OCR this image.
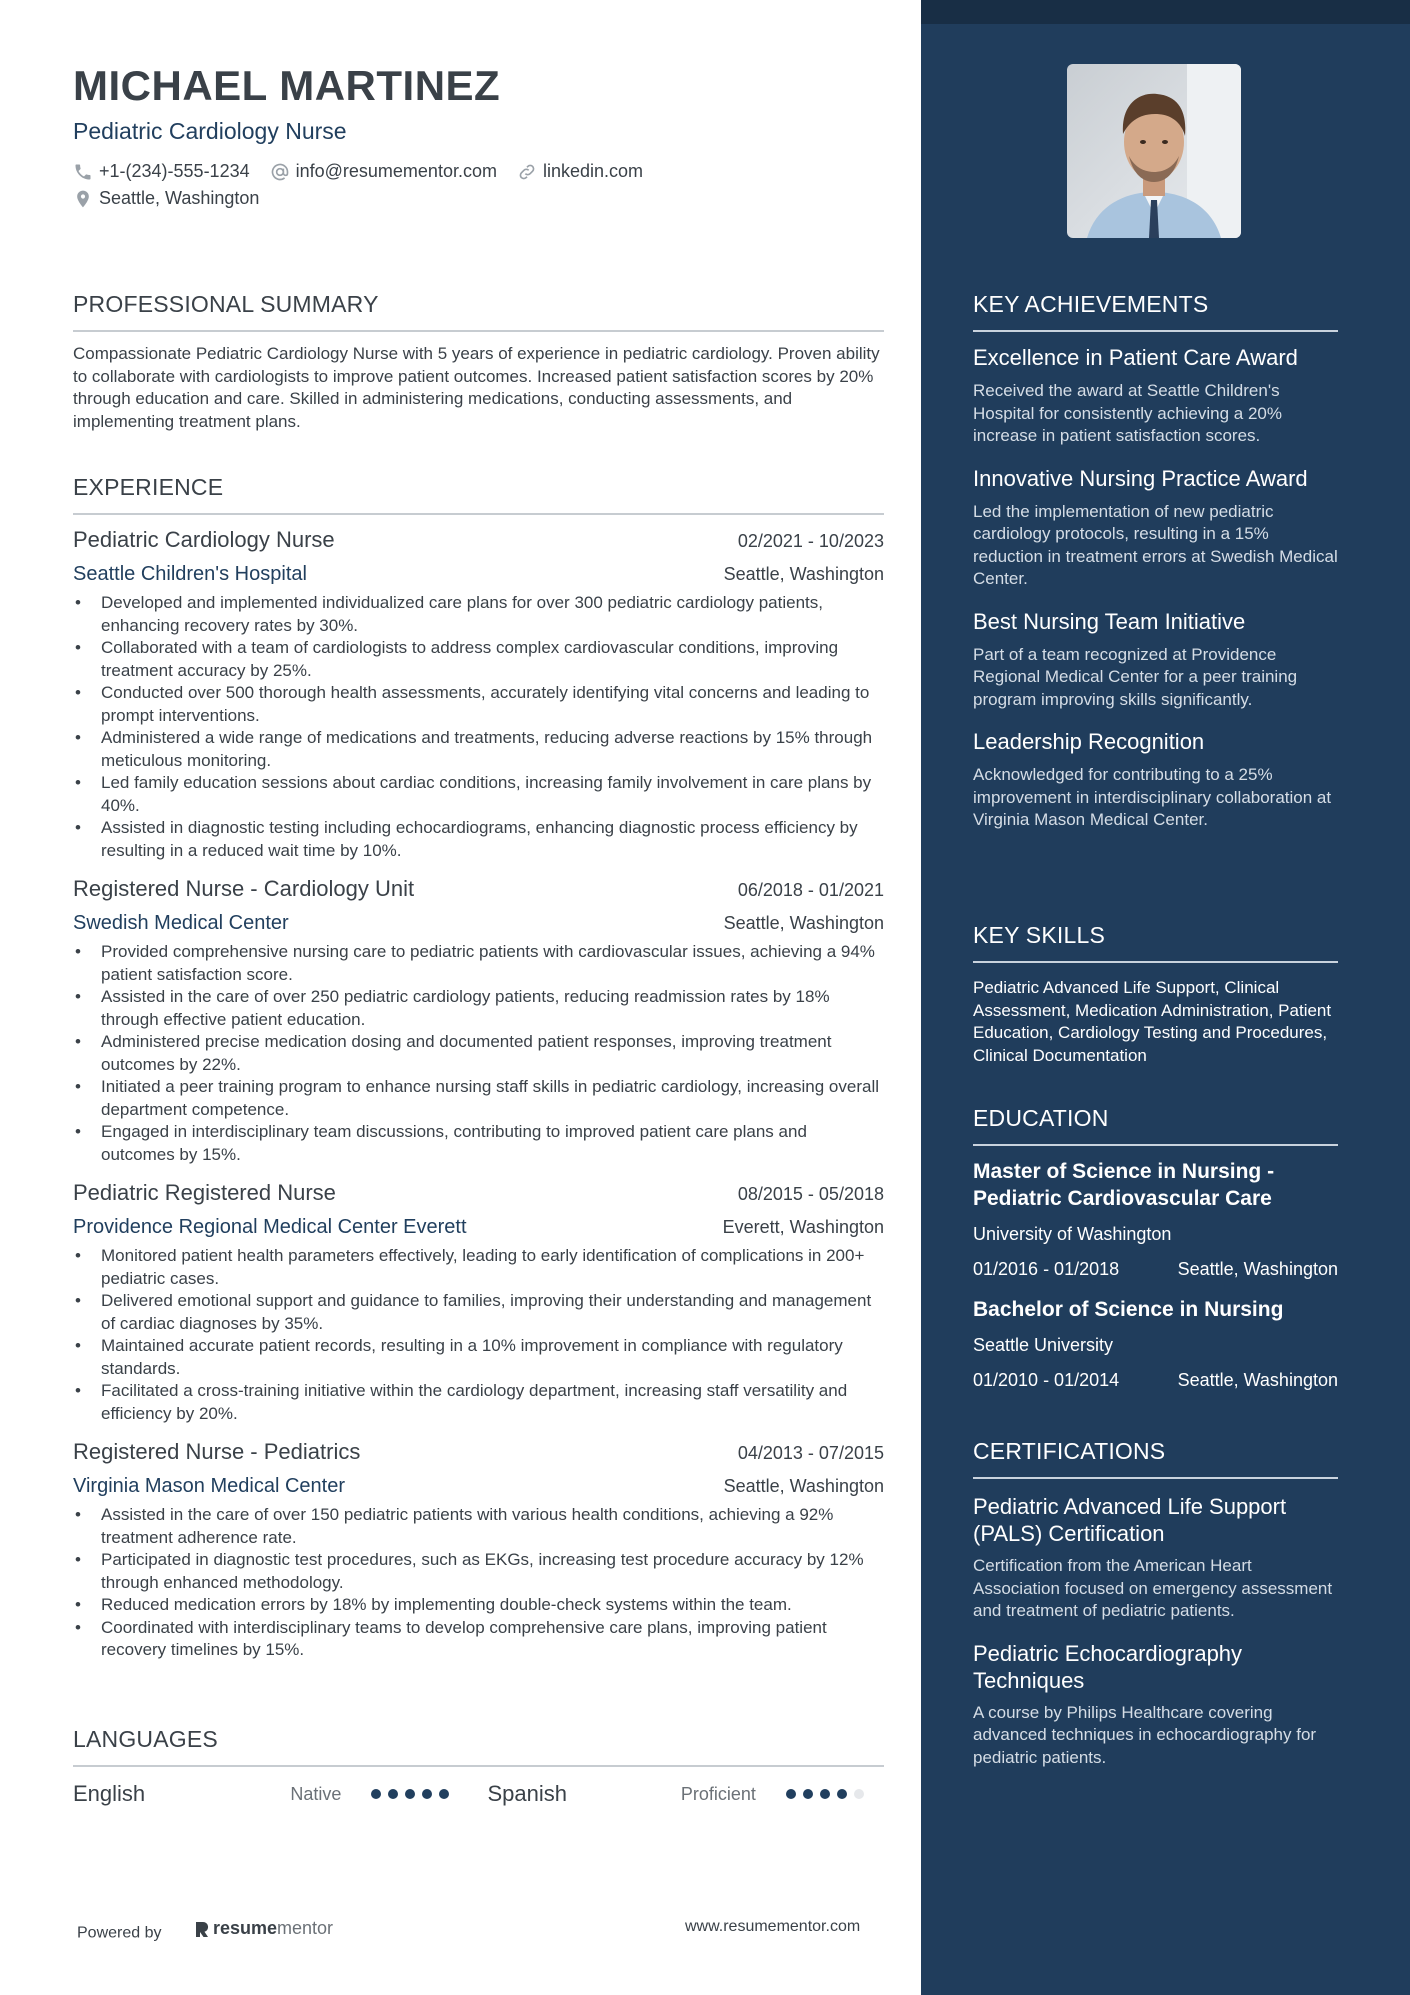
MICHAEL MARTINEZ
Pediatric Cardiology Nurse
+1-(234)-555-1234	info@resumementor.com	linkedin.com
Seattle, Washington
PROFESSIONAL SUMMARY
Compassionate Pediatric Cardiology Nurse with 5 years of experience in pediatric cardiology. Proven ability to collaborate with cardiologists to improve patient outcomes. Increased patient satisfaction scores by 20% through education and care. Skilled in administering medications, conducting assessments, and implementing treatment plans.
EXPERIENCE
Pediatric Cardiology Nurse	02/2021 - 10/2023
Seattle Children's Hospital	Seattle, Washington
• Developed and implemented individualized care plans for over 300 pediatric cardiology patients, enhancing recovery rates by 30%.
• Collaborated with a team of cardiologists to address complex cardiovascular conditions, improving treatment accuracy by 25%.
• Conducted over 500 thorough health assessments, accurately identifying vital concerns and leading to prompt interventions.
• Administered a wide range of medications and treatments, reducing adverse reactions by 15% through meticulous monitoring.
• Led family education sessions about cardiac conditions, increasing family involvement in care plans by 40%.
• Assisted in diagnostic testing including echocardiograms, enhancing diagnostic process efficiency by resulting in a reduced wait time by 10%.
Registered Nurse - Cardiology Unit	06/2018 - 01/2021
Swedish Medical Center	Seattle, Washington
• Provided comprehensive nursing care to pediatric patients with cardiovascular issues, achieving a 94% patient satisfaction score.
• Assisted in the care of over 250 pediatric cardiology patients, reducing readmission rates by 18% through effective patient education.
• Administered precise medication dosing and documented patient responses, improving treatment outcomes by 22%.
• Initiated a peer training program to enhance nursing staff skills in pediatric cardiology, increasing overall department competence.
• Engaged in interdisciplinary team discussions, contributing to improved patient care plans and outcomes by 15%.
Pediatric Registered Nurse	08/2015 - 05/2018
Providence Regional Medical Center Everett	Everett, Washington
• Monitored patient health parameters effectively, leading to early identification of complications in 200+ pediatric cases.
• Delivered emotional support and guidance to families, improving their understanding and management of cardiac diagnoses by 35%.
• Maintained accurate patient records, resulting in a 10% improvement in compliance with regulatory standards.
• Facilitated a cross-training initiative within the cardiology department, increasing staff versatility and efficiency by 20%.
Registered Nurse - Pediatrics	04/2013 - 07/2015
Virginia Mason Medical Center	Seattle, Washington
• Assisted in the care of over 150 pediatric patients with various health conditions, achieving a 92% treatment adherence rate.
• Participated in diagnostic test procedures, such as EKGs, increasing test procedure accuracy by 12% through enhanced methodology.
• Reduced medication errors by 18% by implementing double-check systems within the team.
• Coordinated with interdisciplinary teams to develop comprehensive care plans, improving patient recovery timelines by 15%.
LANGUAGES
English	Native	Spanish	Proficient
Powered by	resume mentor	www.resumementor.com
KEY ACHIEVEMENTS
Excellence in Patient Care Award
Received the award at Seattle Children's Hospital for consistently achieving a 20% increase in patient satisfaction scores.
Innovative Nursing Practice Award
Led the implementation of new pediatric cardiology protocols, resulting in a 15% reduction in treatment errors at Swedish Medical Center.
Best Nursing Team Initiative
Part of a team recognized at Providence Regional Medical Center for a peer training program improving skills significantly.
Leadership Recognition
Acknowledged for contributing to a 25% improvement in interdisciplinary collaboration at Virginia Mason Medical Center.
KEY SKILLS
Pediatric Advanced Life Support, Clinical Assessment, Medication Administration, Patient Education, Cardiology Testing and Procedures, Clinical Documentation
EDUCATION
Master of Science in Nursing - Pediatric Cardiovascular Care
University of Washington
01/2016 - 01/2018	Seattle, Washington
Bachelor of Science in Nursing
Seattle University
01/2010 - 01/2014	Seattle, Washington
CERTIFICATIONS
Pediatric Advanced Life Support (PALS) Certification
Certification from the American Heart Association focused on emergency assessment and treatment of pediatric patients.
Pediatric Echocardiography Techniques
A course by Philips Healthcare covering advanced techniques in echocardiography for pediatric patients.
